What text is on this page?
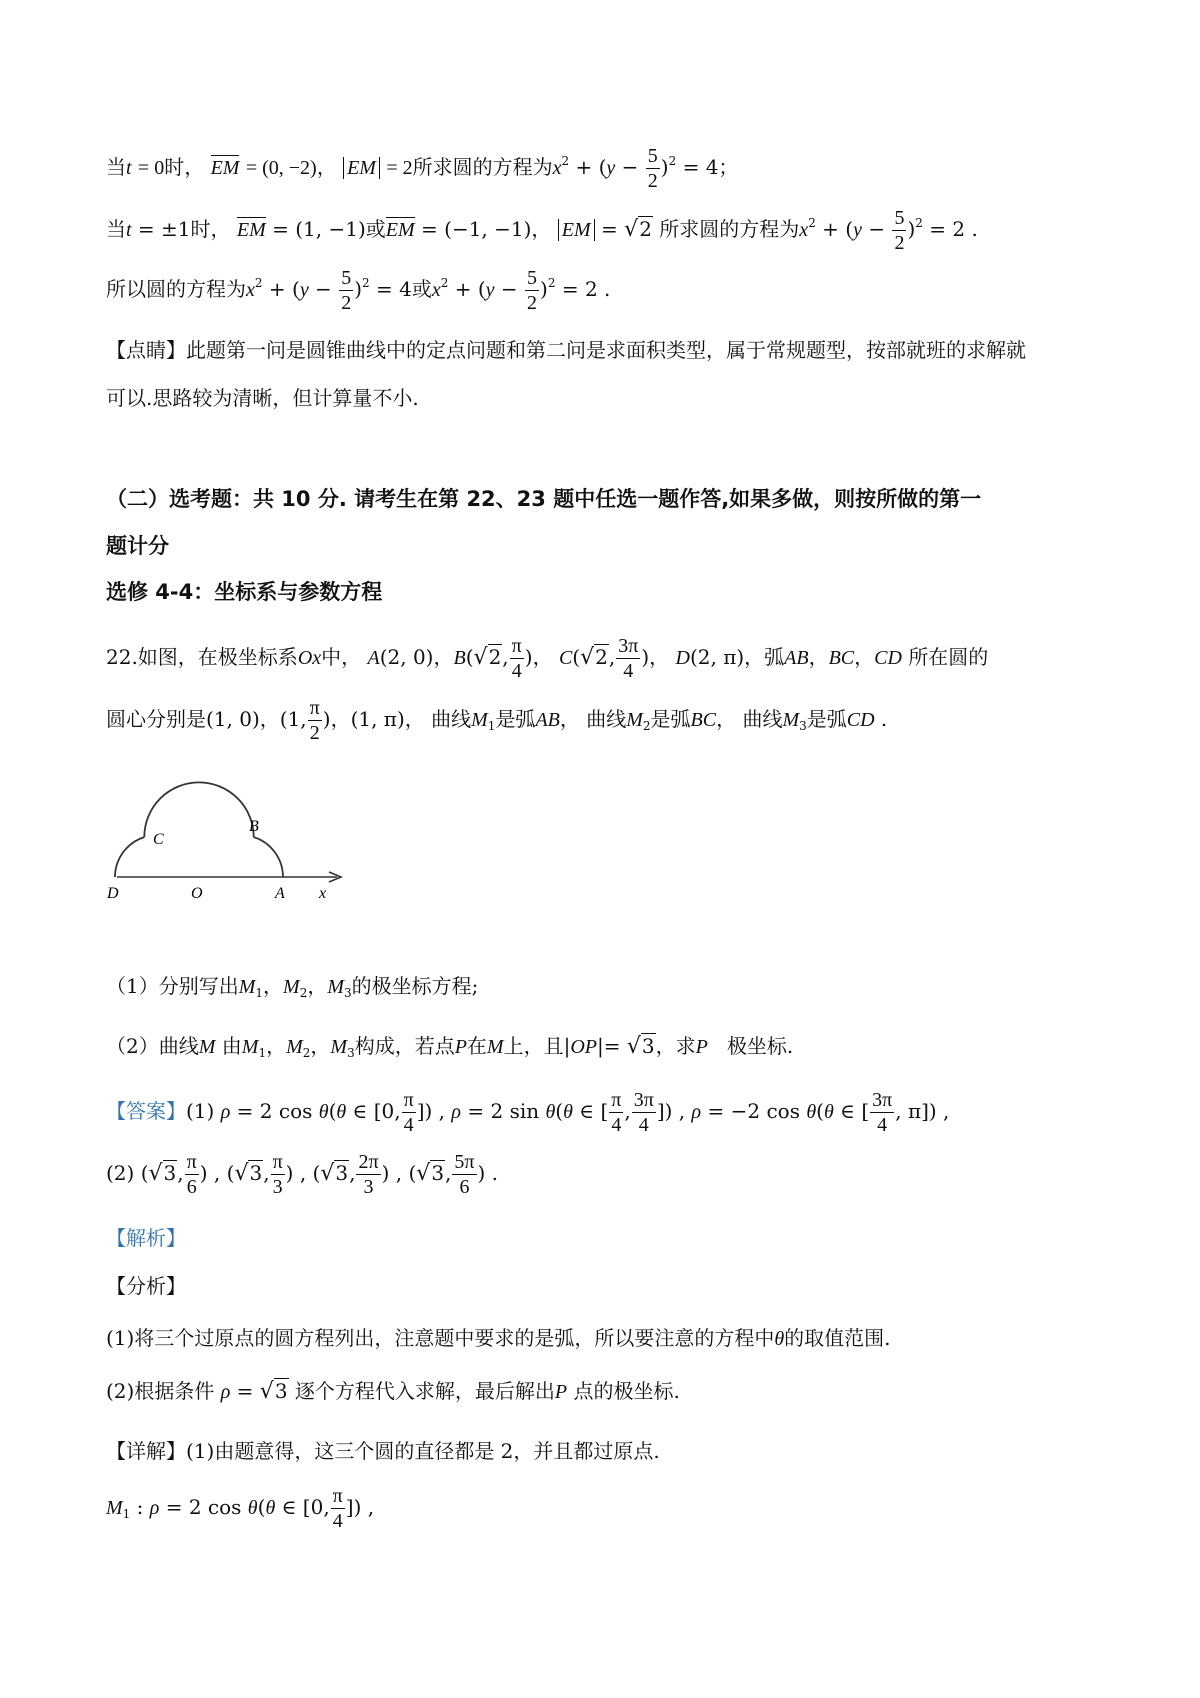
当t = 0时， EM = (0, −2)， EM = 2所求圆的方程为$x^2 + (y - \frac{5}{2} )^2 = 4$；
当t = ±1时， EM = (1, −1)或EM = (−1, −1)， EM = √2 所求圆的方程为$x^2 + (y - \frac{5}{2} )^2 = 2$ .
所以圆的方程为$x^2 + (y - \frac{5}{2} )^2 = 4$或$x^2 + (y - \frac{5}{2} )^2 = 2$ .
【点睛】此题第一问是圆锥曲线中的定点问题和第二问是求面积类型，属于常规题型，按部就班的求解就
可以.思路较为清晰，但计算量不小.
（二）选考题：共 10 分. 请考生在第 22、23 题中任选一题作答,如果多做，则按所做的第一
题计分
选修 4-4：坐标系与参数方程
22.如图，在极坐标系Ox中， A(2, 0)，B(√2, $\frac{\pi}{4}$ )， C(√2, $\frac{3\pi}{4}$ )， D(2, π)，弧AB，BC，CD 所在圆的
圆心分别是(1, 0)，(1, $\frac{\pi}{2}$ )，(1, π)， 曲线$M_1$是弧AB， 曲线$M_2$是弧BC， 曲线$M_3$是弧CD .
D	O	A x
B
C
（1）分别写出$M_1$，$M_2$，$M_3$的极坐标方程;
（2）曲线M 由$M_1$，$M_2$，$M_3$构成，若点P在M上，且|OP|= √3，求P 极坐标.
【答案】(1) ρ = 2 cos θ(θ ∈ [0, $\frac{\pi}{4}$ ]) , ρ = 2 sin θ(θ ∈ [ $\frac{\pi}{4}$ , $\frac{3\pi}{4}$ ]) , ρ = −2 cos θ(θ ∈ [ $\frac{3\pi}{4}$ , π]) ,
(2) (√3, $\frac{\pi}{6}$ ) , (√3, $\frac{\pi}{3}$ ) , (√3, $\frac{2\pi}{3}$ ) , (√3, $\frac{5\pi}{6}$ ) .
【解析】
【分析】
(1)将三个过原点的圆方程列出，注意题中要求的是弧，所以要注意的方程中θ的取值范围.
(2)根据条件 ρ = √3 逐个方程代入求解，最后解出P 点的极坐标.
【详解】(1)由题意得，这三个圆的直径都是 2，并且都过原点.
$M_1$ : ρ = 2 cos θ(θ ∈ [0, $\frac{\pi}{4}$ ]) ,
